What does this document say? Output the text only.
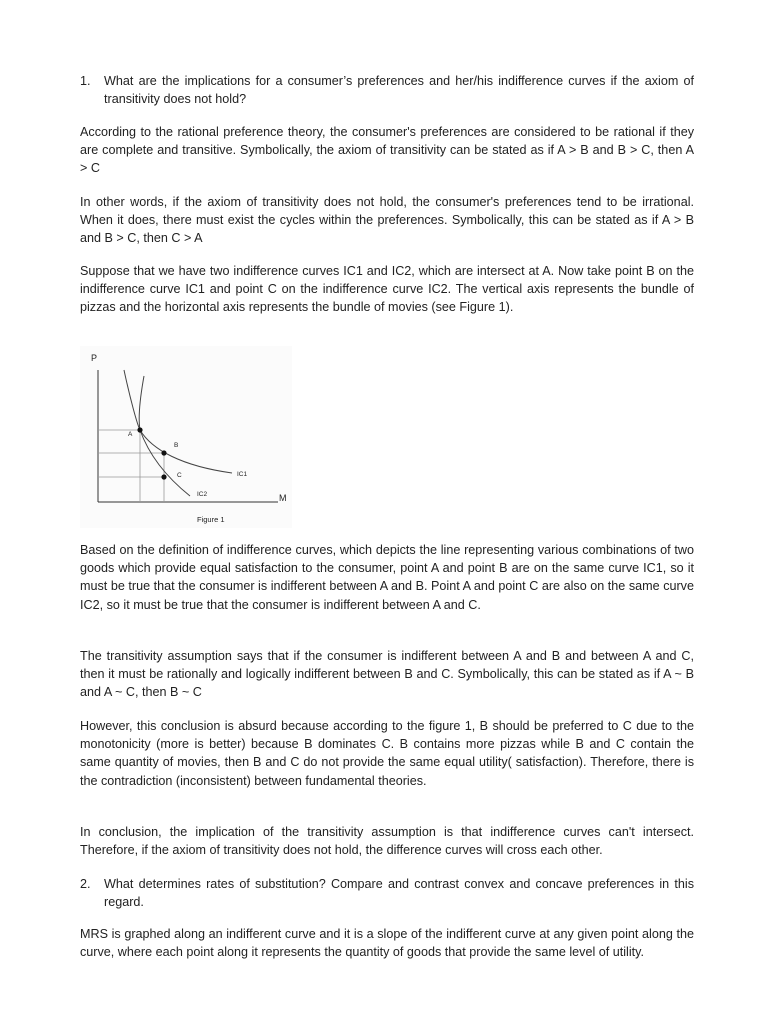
1. What are the implications for a consumer’s preferences and her/his indifference curves if the axiom of transitivity does not hold?

According to the rational preference theory, the consumer's preferences are considered to be rational if they are complete and transitive. Symbolically, the axiom of transitivity can be stated as if A > B and B > C, then A > C

In other words, if the axiom of transitivity does not hold, the consumer's preferences tend to be irrational. When it does, there must exist the cycles within the preferences. Symbolically, this can be stated as if A > B and B > C, then C > A

Suppose that we have two indifference curves IC1 and IC2, which are intersect at A. Now take point B on the indifference curve IC1 and point C on the indifference curve IC2. The vertical axis represents the bundle of pizzas and the horizontal axis represents the bundle of movies (see Figure 1).

P
M
A
B
C	IC1
IC2
Figure 1

Based on the definition of indifference curves, which depicts the line representing various combinations of two goods which provide equal satisfaction to the consumer, point A and point B are on the same curve IC1, so it must be true that the consumer is indifferent between A and B. Point A and point C are also on the same curve IC2, so it must be true that the consumer is indifferent between A and C.

The transitivity assumption says that if the consumer is indifferent between A and B and between A and C, then it must be rationally and logically indifferent between B and C. Symbolically, this can be stated as if A ~ B and A ~ C, then B ~ C

However, this conclusion is absurd because according to the figure 1, B should be preferred to C due to the monotonicity (more is better) because B dominates C. B contains more pizzas while B and C contain the same quantity of movies, then B and C do not provide the same equal utility( satisfaction). Therefore, there is the contradiction (inconsistent) between fundamental theories.

In conclusion, the implication of the transitivity assumption is that indifference curves can't intersect. Therefore, if the axiom of transitivity does not hold, the difference curves will cross each other.

2. What determines rates of substitution? Compare and contrast convex and concave preferences in this regard.

MRS is graphed along an indifferent curve and it is a slope of the indifferent curve at any given point along the curve, where each point along it represents the quantity of goods that provide the same level of utility.
